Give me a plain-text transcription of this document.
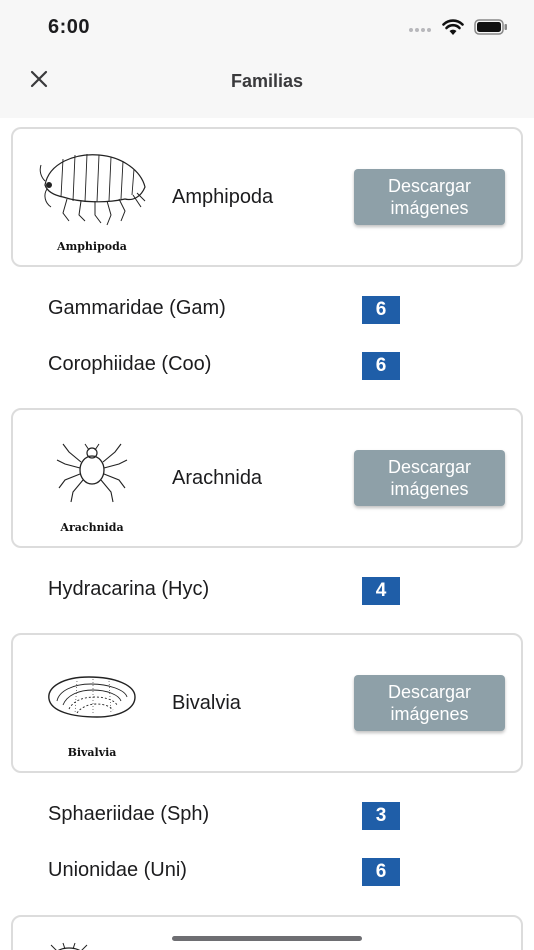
6:00
Familias
Amphipoda
Amphipoda	Descargar imágenes
Gammaridae (Gam)	6
Corophiidae (Coo)	6
Arachnida
Arachnida	Descargar imágenes
Hydracarina (Hyc)	4
Bivalvia
Bivalvia	Descargar imágenes
Sphaeriidae (Sph)	3
Unionidae (Uni)	6
